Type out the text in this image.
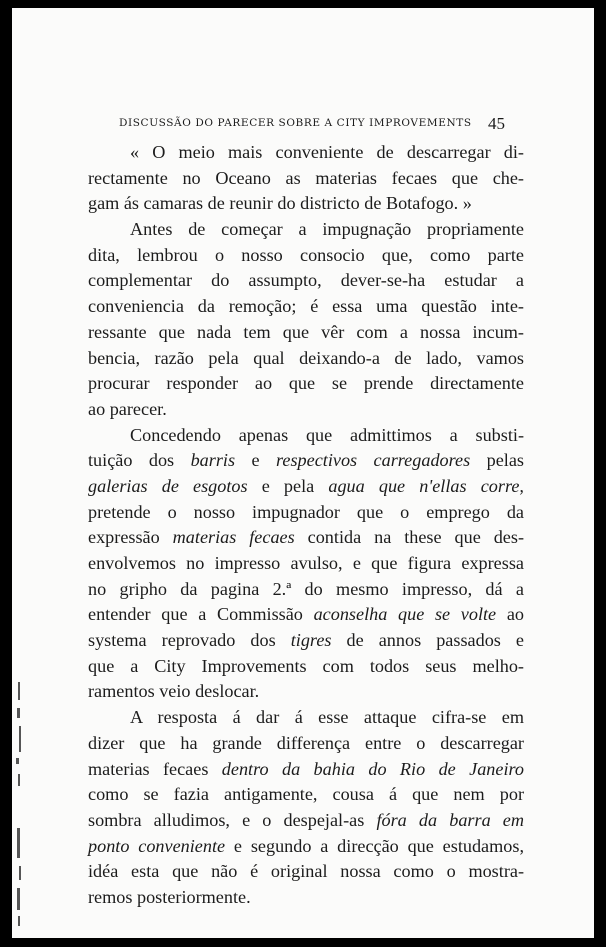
DISCUSSÃO DO PARECER SOBRE A CITY IMPROVEMENTS 45
« O meio mais conveniente de descarregar di-
rectamente no Oceano as materias fecaes que che-
gam ás camaras de reunir do districto de Botafogo. »
Antes de começar a impugnação propriamente
dita, lembrou o nosso consocio que, como parte
complementar do assumpto, dever-se-ha estudar a
conveniencia da remoção; é essa uma questão inte-
ressante que nada tem que vêr com a nossa incum-
bencia, razão pela qual deixando-a de lado, vamos
procurar responder ao que se prende directamente
ao parecer.
Concedendo apenas que admittimos a substi-
tuição dos barris e respectivos carregadores pelas
galerias de esgotos e pela agua que n'ellas corre,
pretende o nosso impugnador que o emprego da
expressão materias fecaes contida na these que des-
envolvemos no impresso avulso, e que figura expressa
no gripho da pagina 2.ª do mesmo impresso, dá a
entender que a Commissão aconselha que se volte ao
systema reprovado dos tigres de annos passados e
que a City Improvements com todos seus melho-
ramentos veio deslocar.
A resposta á dar á esse attaque cifra-se em
dizer que ha grande differença entre o descarregar
materias fecaes dentro da bahia do Rio de Janeiro
como se fazia antigamente, cousa á que nem por
sombra alludimos, e o despejal-as fóra da barra em
ponto conveniente e segundo a direcção que estudamos,
idéa esta que não é original nossa como o mostra-
remos posteriormente.
